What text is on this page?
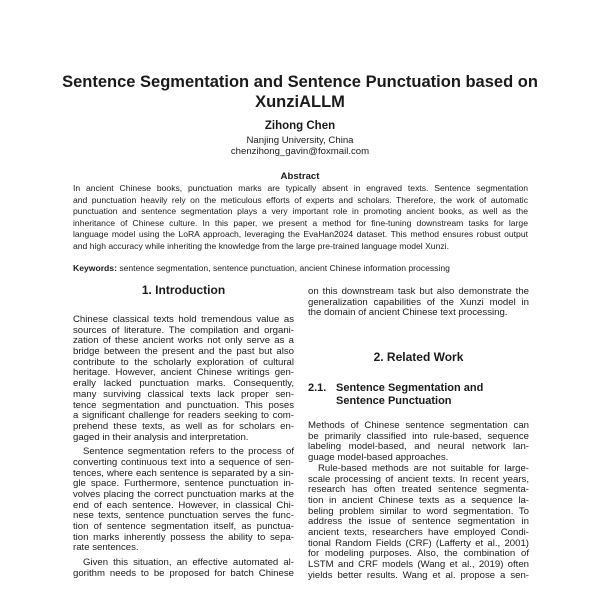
Sentence Segmentation and Sentence Punctuation based on
XunziALLM
Zihong Chen
Nanjing University, China
chenzihong_gavin@foxmail.com
Abstract
In ancient Chinese books, punctuation marks are typically absent in engraved texts. Sentence segmentation
and punctuation heavily rely on the meticulous efforts of experts and scholars. Therefore, the work of automatic
punctuation and sentence segmentation plays a very important role in promoting ancient books, as well as the
inheritance of Chinese culture. In this paper, we present a method for fine-tuning downstream tasks for large
language model using the LoRA approach, leveraging the EvaHan2024 dataset. This method ensures robust output
and high accuracy while inheriting the knowledge from the large pre-trained language model Xunzi.
Keywords: sentence segmentation, sentence punctuation, ancient Chinese information processing
1. Introduction
Chinese classical texts hold tremendous value as
sources of literature. The compilation and organi-
zation of these ancient works not only serve as a
bridge between the present and the past but also
contribute to the scholarly exploration of cultural
heritage. However, ancient Chinese writings gen-
erally lacked punctuation marks. Consequently,
many surviving classical texts lack proper sen-
tence segmentation and punctuation. This poses
a significant challenge for readers seeking to com-
prehend these texts, as well as for scholars en-
gaged in their analysis and interpretation.
Sentence segmentation refers to the process of
converting continuous text into a sequence of sen-
tences, where each sentence is separated by a sin-
gle space. Furthermore, sentence punctuation in-
volves placing the correct punctuation marks at the
end of each sentence. However, in classical Chi-
nese texts, sentence punctuation serves the func-
tion of sentence segmentation itself, as punctua-
tion marks inherently possess the ability to sepa-
rate sentences.
Given this situation, an effective automated al-
gorithm needs to be proposed for batch Chinese
on this downstream task but also demonstrate the
generalization capabilities of the Xunzi model in
the domain of ancient Chinese text processing.
2. Related Work
2.1. Sentence Segmentation and
Sentence Punctuation
Methods of Chinese sentence segmentation can
be primarily classified into rule-based, sequence
labeling model-based, and neural network lan-
guage model-based approaches.
Rule-based methods are not suitable for large-
scale processing of ancient texts. In recent years,
research has often treated sentence segmenta-
tion in ancient Chinese texts as a sequence la-
beling problem similar to word segmentation. To
address the issue of sentence segmentation in
ancient texts, researchers have employed Condi-
tional Random Fields (CRF) (Lafferty et al., 2001)
for modeling purposes. Also, the combination of
LSTM and CRF models (Wang et al., 2019) often
yields better results. Wang et al. propose a sen-
